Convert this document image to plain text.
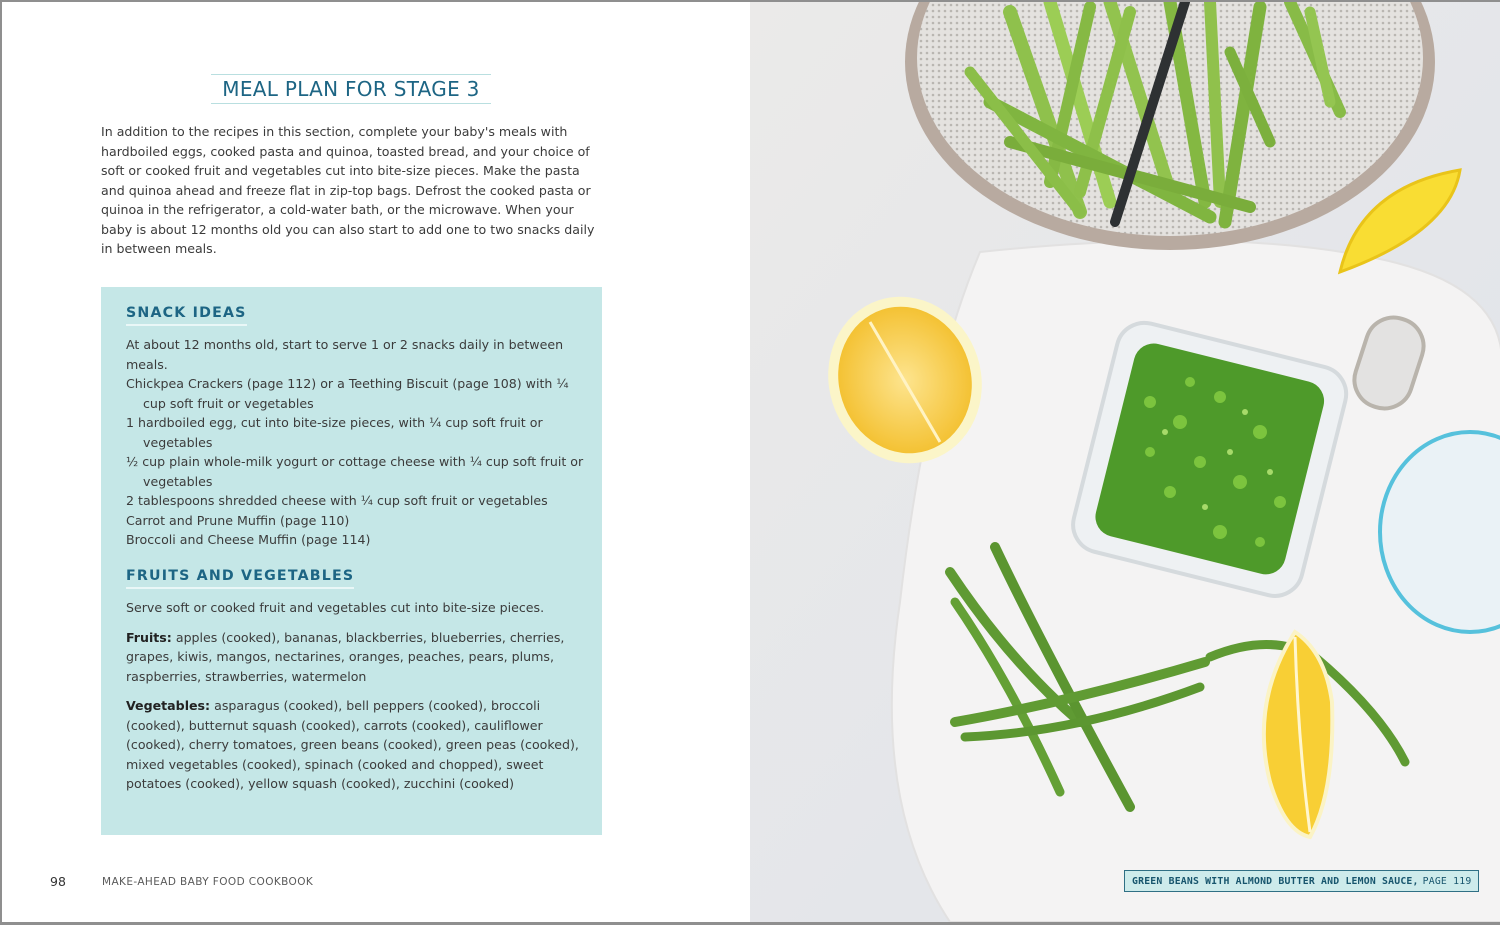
MEAL PLAN FOR STAGE 3

In addition to the recipes in this section, complete your baby's meals with hardboiled eggs, cooked pasta and quinoa, toasted bread, and your choice of soft or cooked fruit and vegetables cut into bite-size pieces. Make the pasta and quinoa ahead and freeze flat in zip-top bags. Defrost the cooked pasta or quinoa in the refrigerator, a cold-water bath, or the microwave. When your baby is about 12 months old you can also start to add one to two snacks daily in between meals.

SNACK IDEAS

At about 12 months old, start to serve 1 or 2 snacks daily in between meals.

Chickpea Crackers (page 112) or a Teething Biscuit (page 108) with ¼ cup soft fruit or vegetables
1 hardboiled egg, cut into bite-size pieces, with ¼ cup soft fruit or vegetables
½ cup plain whole-milk yogurt or cottage cheese with ¼ cup soft fruit or vegetables
2 tablespoons shredded cheese with ¼ cup soft fruit or vegetables
Carrot and Prune Muffin (page 110)
Broccoli and Cheese Muffin (page 114)
FRUITS AND VEGETABLES

Serve soft or cooked fruit and vegetables cut into bite-size pieces.

Fruits: apples (cooked), bananas, blackberries, blueberries, cherries, grapes, kiwis, mangos, nectarines, oranges, peaches, pears, plums, raspberries, strawberries, watermelon

Vegetables: asparagus (cooked), bell peppers (cooked), broccoli (cooked), butternut squash (cooked), carrots (cooked), cauliflower (cooked), cherry tomatoes, green beans (cooked), green peas (cooked), mixed vegetables (cooked), spinach (cooked and chopped), sweet potatoes (cooked), yellow squash (cooked), zucchini (cooked)

98	MAKE-AHEAD BABY FOOD COOKBOOK	GREEN BEANS WITH ALMOND BUTTER AND LEMON SAUCE, PAGE 119
